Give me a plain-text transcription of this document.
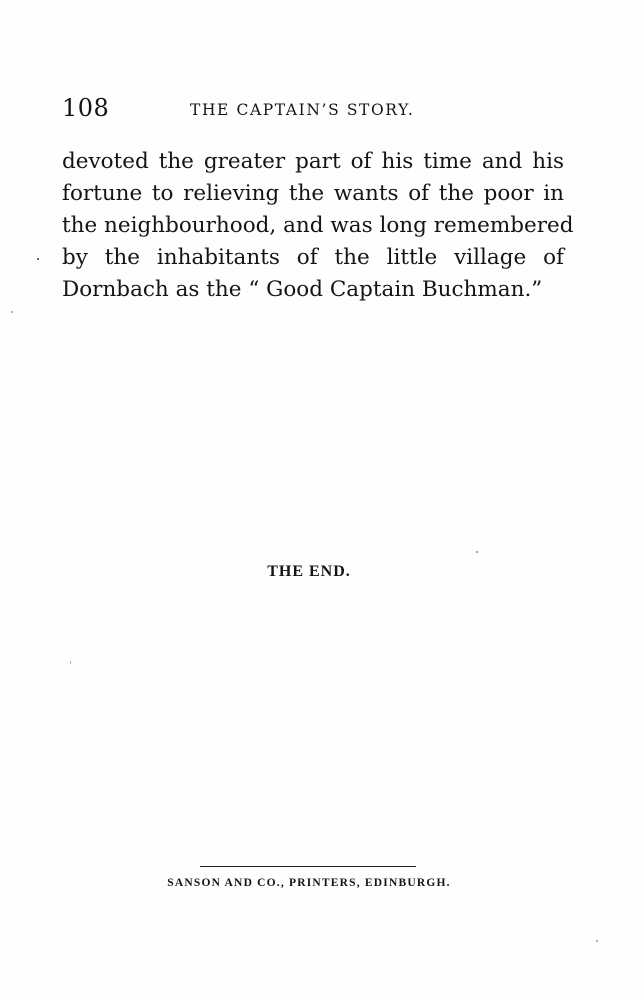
108	THE CAPTAIN’S STORY.
devoted the greater part of his time and his
fortune to relieving the wants of the poor in
the neighbourhood, and was long remembered
by the inhabitants of the little village of
Dornbach as the “ Good Captain Buchman.”
THE END.
SANSON AND CO., PRINTERS, EDINBURGH.
